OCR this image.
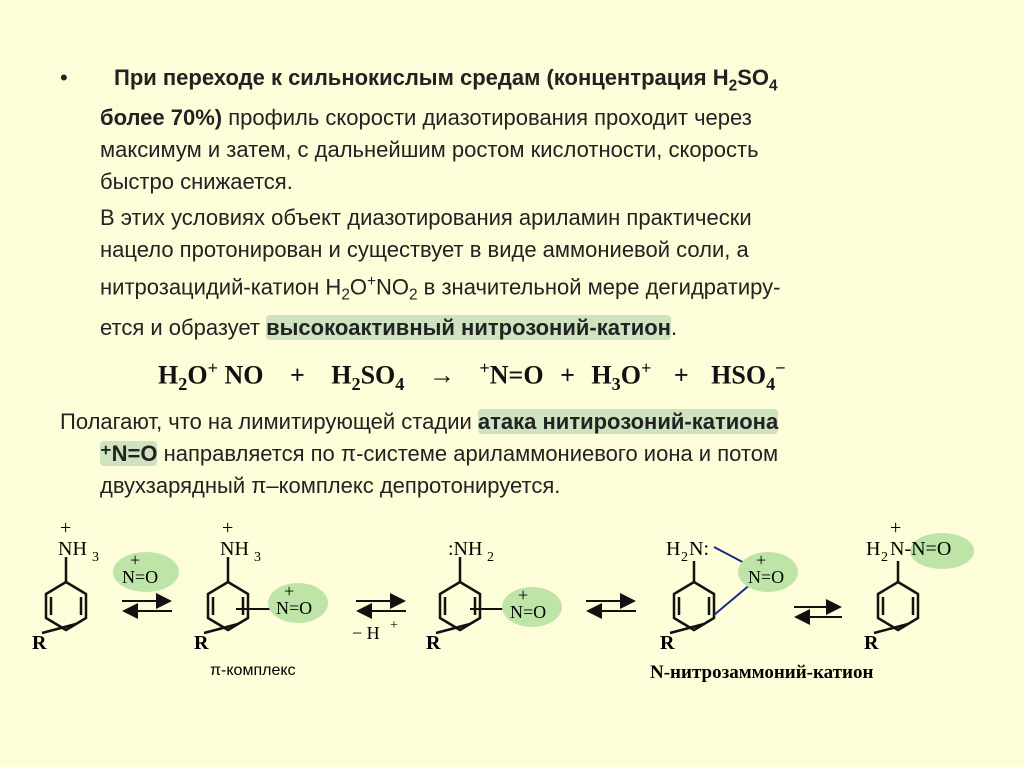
• При переходе к сильнокислым средам (концентрация $H_2SO_4$
более 70%) профиль скорости диазотирования проходит через
максимум и затем, с дальнейшим ростом кислотности, скорость
быстро снижается.
В этих условиях объект диазотирования ариламин практически
нацело протонирован и существует в виде аммониевой соли, а
нитрозацидий-катион $H_2O^+NO_2$ в значительной мере дегидратиру-
ется и образует высокоактивный нитрозоний-катион.
$H_2O^+$ NO + $H_2SO_4 \to ^+N=O + H_3O^+ + HSO_4^-$
Полагают, что на лимитирующей стадии атака нитирозоний-катиона
⁺N=O направляется по π-системе ариламмониевого иона и потом
двухзарядный π–комплекс депротонируется.
+
NH 3
R
+
N=O
+
NH 3
R
+
N=O
π-комплекс
− H +
:NH 2
R
+
N=O
H 2 N:
R
+
N=O
N-нитрозаммоний-катион
+
H 2 N-N=O
R
